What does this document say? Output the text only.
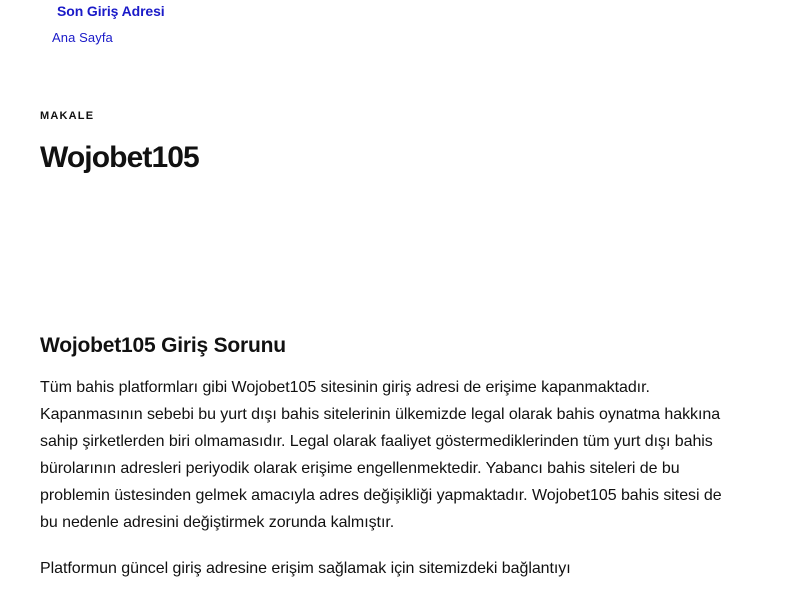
Son Giriş Adresi
Ana Sayfa
MAKALE
Wojobet105
Wojobet105 Giriş Sorunu

Tüm bahis platformları gibi Wojobet105 sitesinin giriş adresi de erişime kapanmaktadır. Kapanmasının sebebi bu yurt dışı bahis sitelerinin ülkemizde legal olarak bahis oynatma hakkına sahip şirketlerden biri olmamasıdır. Legal olarak faaliyet göstermediklerinden tüm yurt dışı bahis bürolarının adresleri periyodik olarak erişime engellenmektedir. Yabancı bahis siteleri de bu problemin üstesinden gelmek amacıyla adres değişikliği yapmaktadır. Wojobet105 bahis sitesi de bu nedenle adresini değiştirmek zorunda kalmıştır.

Platformun güncel giriş adresine erişim sağlamak için sitemizdeki bağlantıyı
